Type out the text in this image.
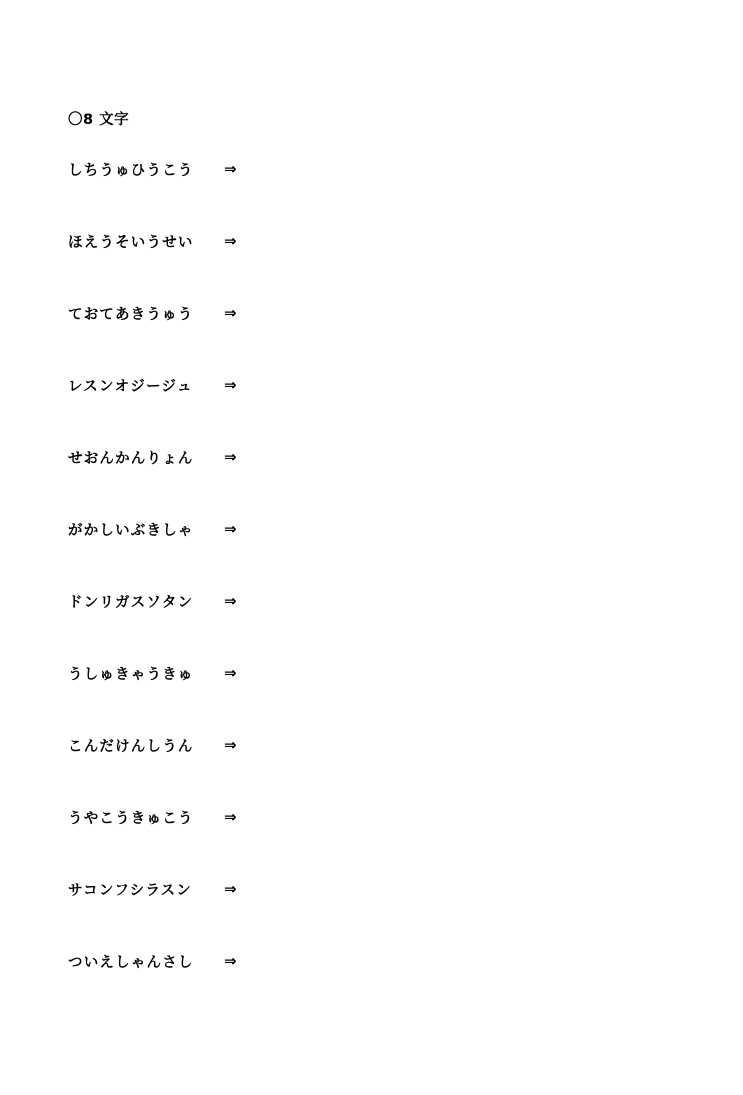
〇8 文字
しちうゅひうこう	⇒
ほえうそいうせい	⇒
ておてあきうゅう	⇒
レスンオジージュ	⇒
せおんかんりょん	⇒
がかしいぶきしゃ	⇒
ドンリガスソタン	⇒
うしゅきゃうきゅ	⇒
こんだけんしうん	⇒
うやこうきゅこう	⇒
サコンフシラスン	⇒
ついえしゃんさし	⇒
